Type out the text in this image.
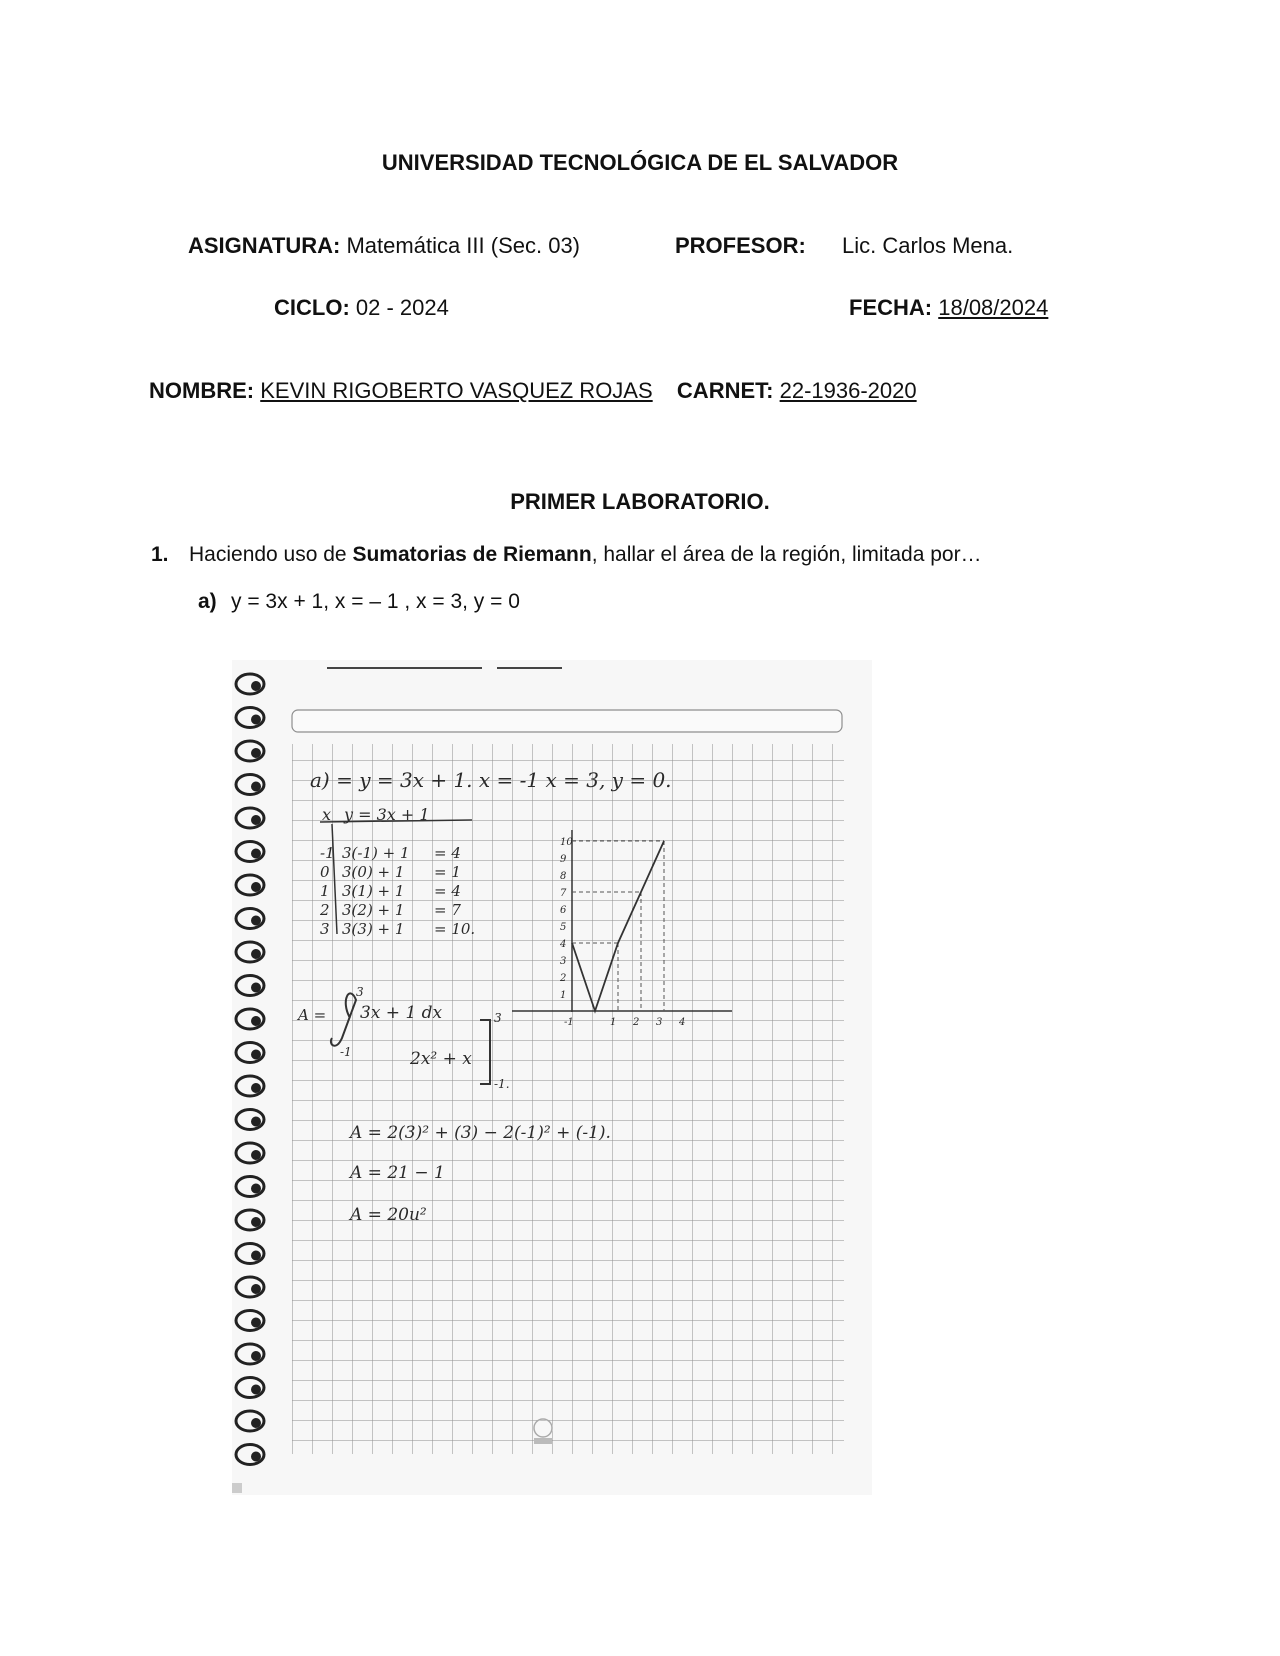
UNIVERSIDAD TECNOLÓGICA DE EL SALVADOR
ASIGNATURA: Matemática III (Sec. 03)	PROFESOR: Lic. Carlos Mena.
CICLO: 02 - 2024	FECHA: 18/08/2024
NOMBRE: KEVIN RIGOBERTO VASQUEZ ROJAS CARNET: 22-1936-2020
PRIMER LABORATORIO.
1. Haciendo uso de Sumatorias de Riemann, hallar el área de la región, limitada por…
a) y = 3x + 1, x = – 1 , x = 3, y = 0
a) = y = 3x + 1. x = -1 x = 3, y = 0.
x y = 3x + 1
-1 3(-1) + 1 = 4
0 3(0) + 1 = 1
1 3(1) + 1 = 4
2 3(2) + 1 = 7
3 3(3) + 1 = 10.
A =
3
-1
3x + 1 dx
2x² + x
3
-1.
A = 2(3)² + (3) − 2(-1)² + (-1).
A = 21 − 1
A = 20u²
10
9
8
7
6
5
4
3
2
1
-1	1 2 3 4
